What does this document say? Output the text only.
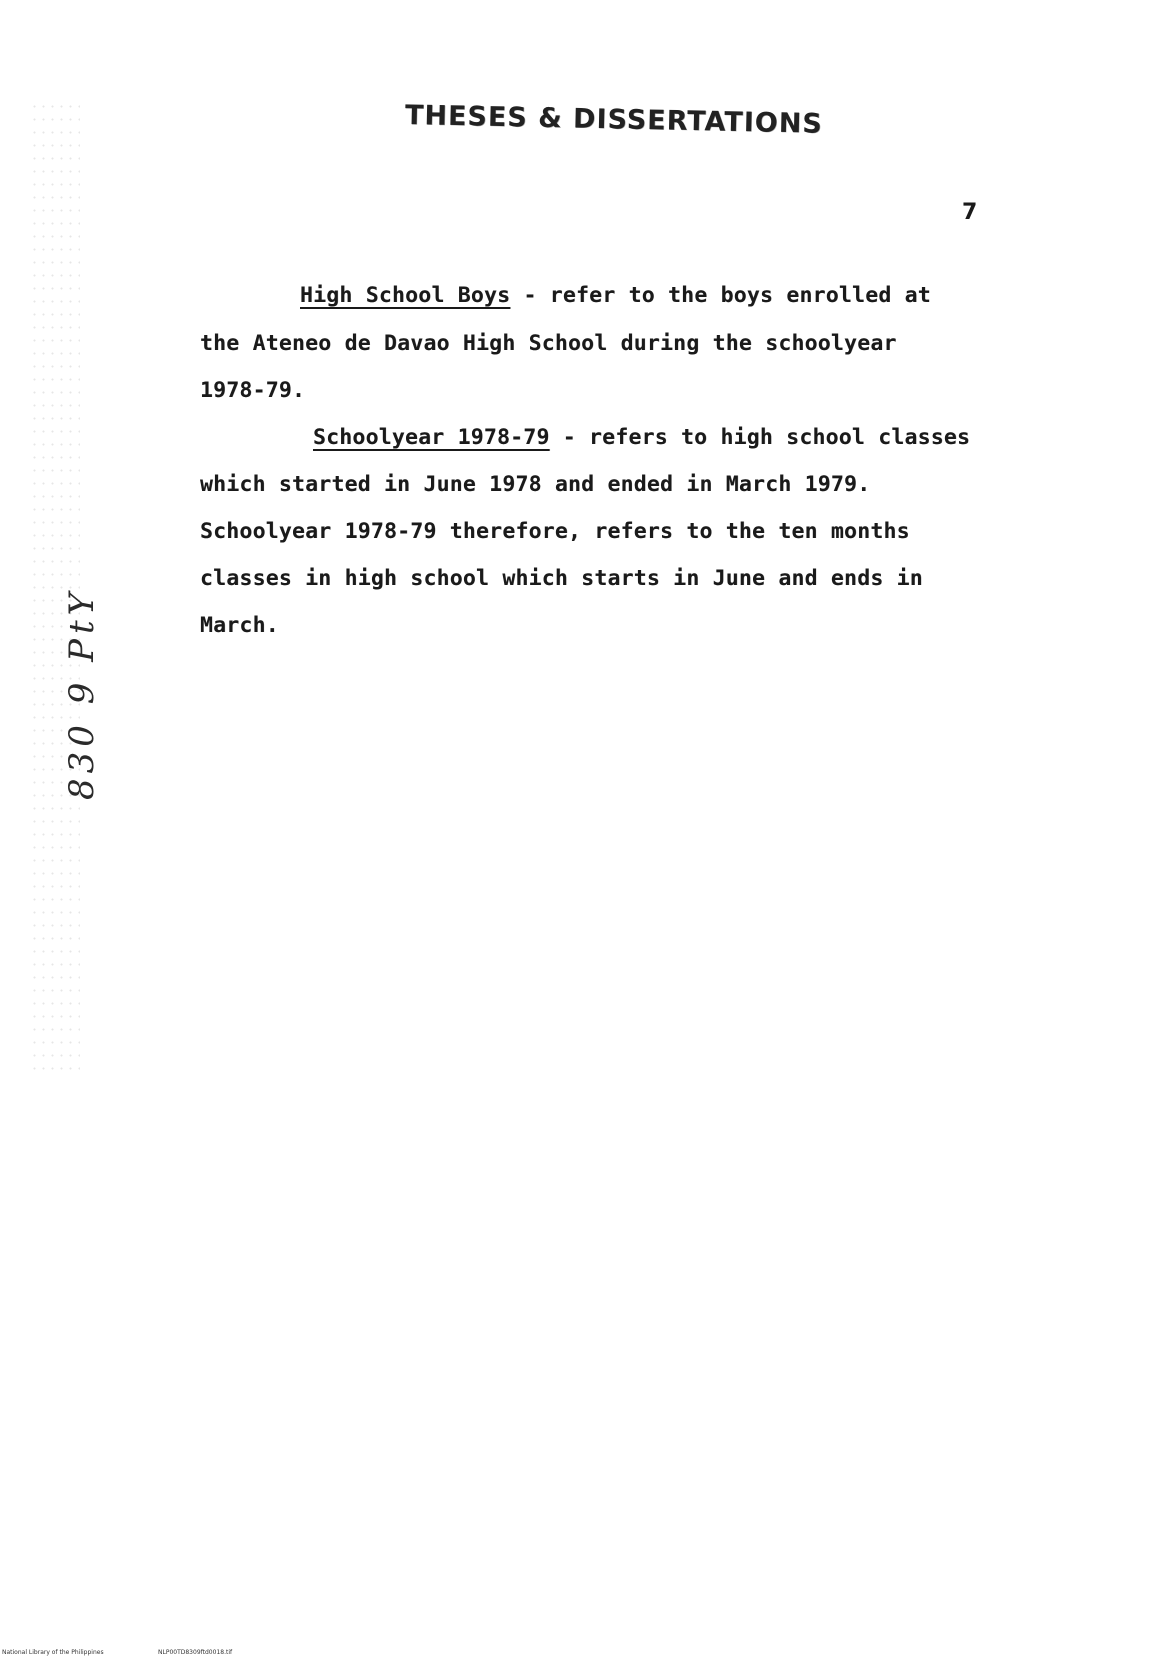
THESES & DISSERTATIONS
7
High School Boys - refer to the boys enrolled at
the Ateneo de Davao High School during the schoolyear
1978-79.
Schoolyear 1978-79 - refers to high school classes
which started in June 1978 and ended in March 1979.
Schoolyear 1978-79 therefore, refers to the ten months
classes in high school which starts in June and ends in
March.
830 9 PtY
National Library of the Philippines	NLP00TD8309ftd0018.tif
